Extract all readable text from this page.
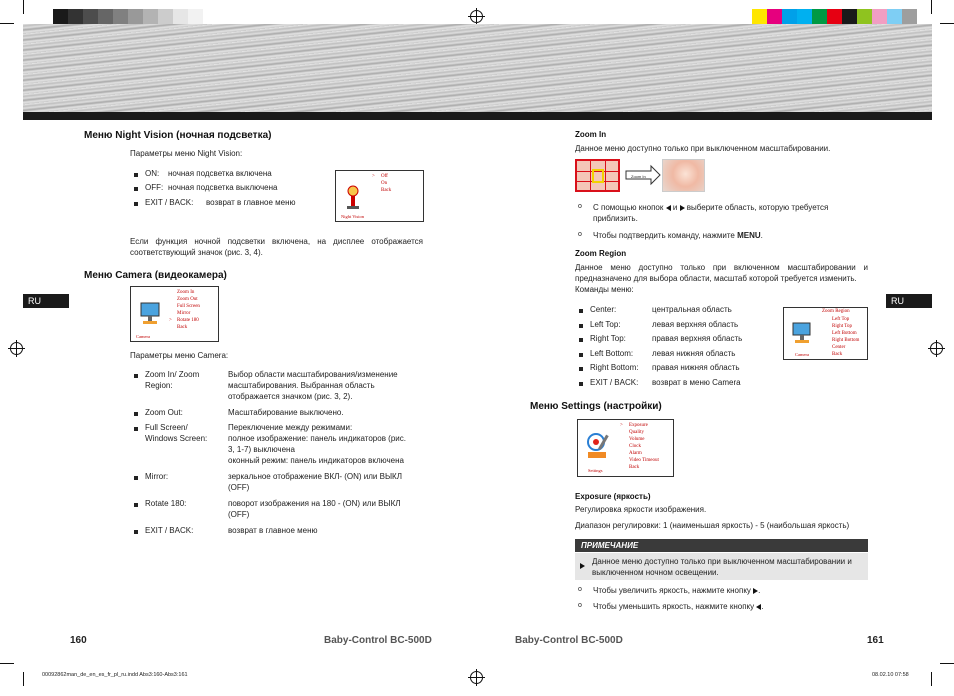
RU	RU
Меню Night Vision (ночная подсветка)
Параметры меню Night Vision:
ON: ночная подсветка включена
OFF: ночная подсветка выключена
EXIT / BACK: возврат в главное меню
> Off
On
Back
Night Vision
Если функция ночной подсветки включена, на дисплее отображается
соответствующий значок (рис. 3, 4).
Меню Camera (видеокамера)
Zoom In
Zoom Out
Full Screen
Mirror
> Rotate 180
Back
Camera
Параметры меню Camera:
Zoom In/ Zoom
Region:
Выбор области масштабирования/изменение
масштабирования. Выбранная область
отображается значком (рис. 3, 2).
Zoom Out:	Масштабирование выключено.
Full Screen/
Windows Screen:
Переключение между режимами:
полное изображение: панель индикаторов (рис.
3, 1-7) выключена
оконный режим: панель индикаторов включена
Mirror:	зеркальное отображение ВКЛ- (ON) или ВЫКЛ
(OFF)
Rotate 180:	поворот изображения на 180 - (ON) или ВЫКЛ
(OFF)
EXIT / BACK:	возврат в главное меню
160	Baby-Control BC-500D
00092862man_de_en_es_fr_pl_ru.indd Abs3:160-Abs3:161
Zoom In
Данное меню доступно только при выключенном масштабировании.
Zoom In
o С помощью кнопок и выберите область, которую требуется
приблизить.
o Чтобы подтвердить команду, нажмите MENU.
Zoom Region
Данное меню доступно только при включенном масштабировании и
предназначено для выбора области, масштаб которой требуется изменить.
Команды меню:
Center:	центральная область
Left Top:	левая верхняя область
Right Top:	правая верхняя область
Left Bottom: левая нижняя область
Right Bottom: правая нижняя область
EXIT / BACK: возврат в меню Camera
Zoom Region
Left Top
Right Top
Left Bottom
Right Bottom
Center
Back
Camera
Меню Settings (настройки)
> Exposure
Quality
Volume
Clock
Alarm
Video Timeout
Back
Settings
Exposure (яркость)
Регулировка яркости изображения.
Диапазон регулировки: 1 (наименьшая яркость) - 5 (наибольшая яркость)
ПРИМЕЧАНИЕ
Данное меню доступно только при выключенном масштабировании и
выключенном ночном освещении.
o Чтобы увеличить яркость, нажмите кнопку .
o Чтобы уменьшить яркость, нажмите кнопку .
Baby-Control BC-500D	161
08.02.10 07:58
